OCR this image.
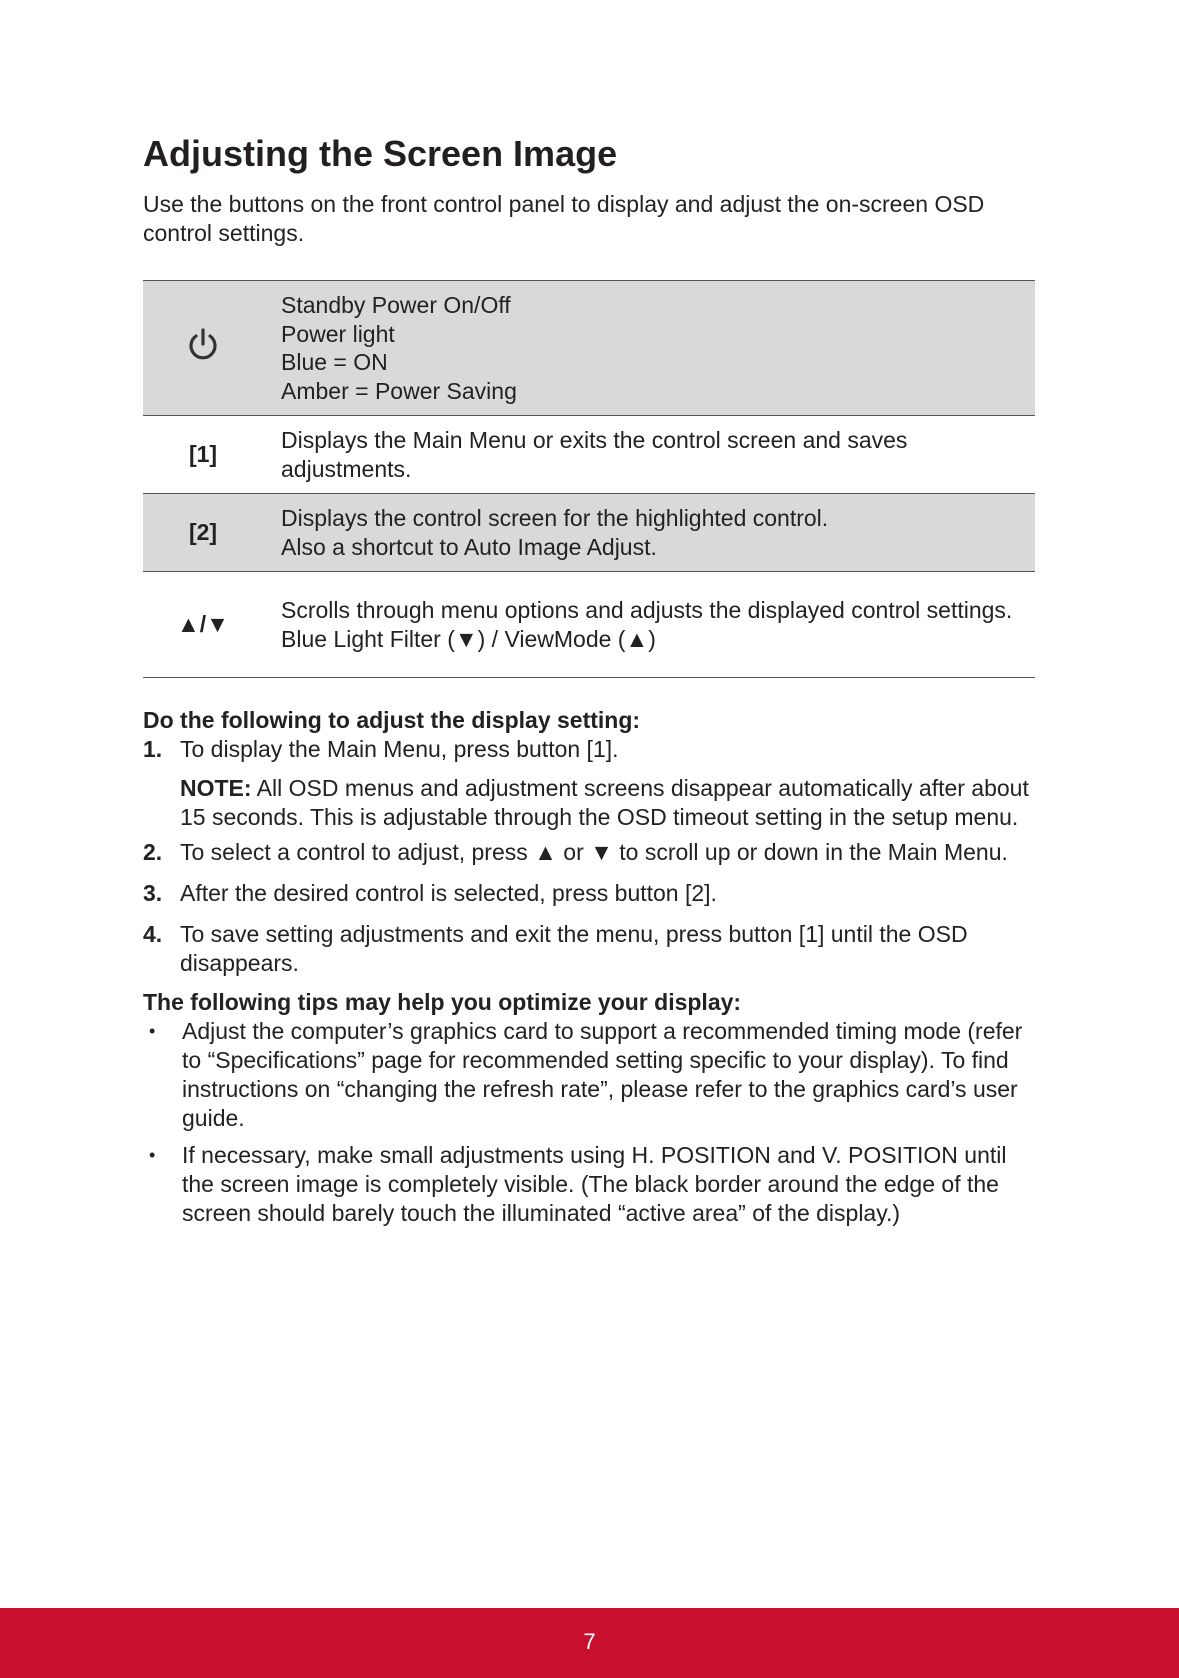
Adjusting the Screen Image

Use the buttons on the front control panel to display and adjust the on-screen OSD control settings.

Standby Power On/Off
Power light
Blue = ON
Amber = Power Saving

[1]	Displays the Main Menu or exits the control screen and saves adjustments.

[2]	Displays the control screen for the highlighted control.
Also a shortcut to Auto Image Adjust.

▲/▼	Scrolls through menu options and adjusts the displayed control settings.
Blue Light Filter (▼) / ViewMode (▲)

Do the following to adjust the display setting:

1. To display the Main Menu, press button [1].

NOTE: All OSD menus and adjustment screens disappear automatically after about 15 seconds. This is adjustable through the OSD timeout setting in the setup menu.

2. To select a control to adjust, press ▲ or ▼ to scroll up or down in the Main Menu.
3. After the desired control is selected, press button [2].
4. To save setting adjustments and exit the menu, press button [1] until the OSD disappears.

The following tips may help you optimize your display:

•	Adjust the computer’s graphics card to support a recommended timing mode (refer to “Specifications” page for recommended setting specific to your display). To find instructions on “changing the refresh rate”, please refer to the graphics card’s user guide.
•	If necessary, make small adjustments using H. POSITION and V. POSITION until the screen image is completely visible. (The black border around the edge of the screen should barely touch the illuminated “active area” of the display.)
7
